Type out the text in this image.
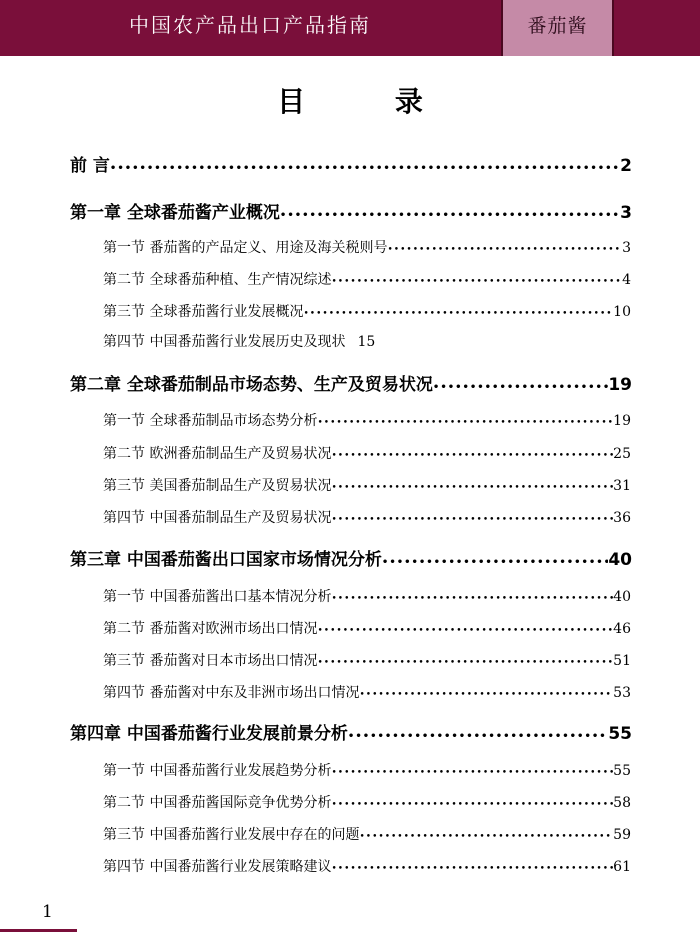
中国农产品出口产品指南	番茄酱
目 录
前 言 •••••	2
第一章 全球番茄酱产业概况 •••••	3
第一节 番茄酱的产品定义、用途及海关税则号 •••••	3
第二节 全球番茄种植、生产情况综述 •••••	4
第三节 全球番茄酱行业发展概况 •••••	10
第四节 中国番茄酱行业发展历史及现状 15
第二章 全球番茄制品市场态势、生产及贸易状况 •••••	19
第一节 全球番茄制品市场态势分析 •••••	19
第二节 欧洲番茄制品生产及贸易状况 •••••	25
第三节 美国番茄制品生产及贸易状况 •••••	31
第四节 中国番茄制品生产及贸易状况 •••••	36
第三章 中国番茄酱出口国家市场情况分析 •••••	40
第一节 中国番茄酱出口基本情况分析 •••••	40
第二节 番茄酱对欧洲市场出口情况 •••••	46
第三节 番茄酱对日本市场出口情况 •••••	51
第四节 番茄酱对中东及非洲市场出口情况 •••••	53
第四章 中国番茄酱行业发展前景分析 •••••	55
第一节 中国番茄酱行业发展趋势分析 •••••	55
第二节 中国番茄酱国际竞争优势分析 •••••	58
第三节 中国番茄酱行业发展中存在的问题 •••••	59
第四节 中国番茄酱行业发展策略建议 •••••	61
1
